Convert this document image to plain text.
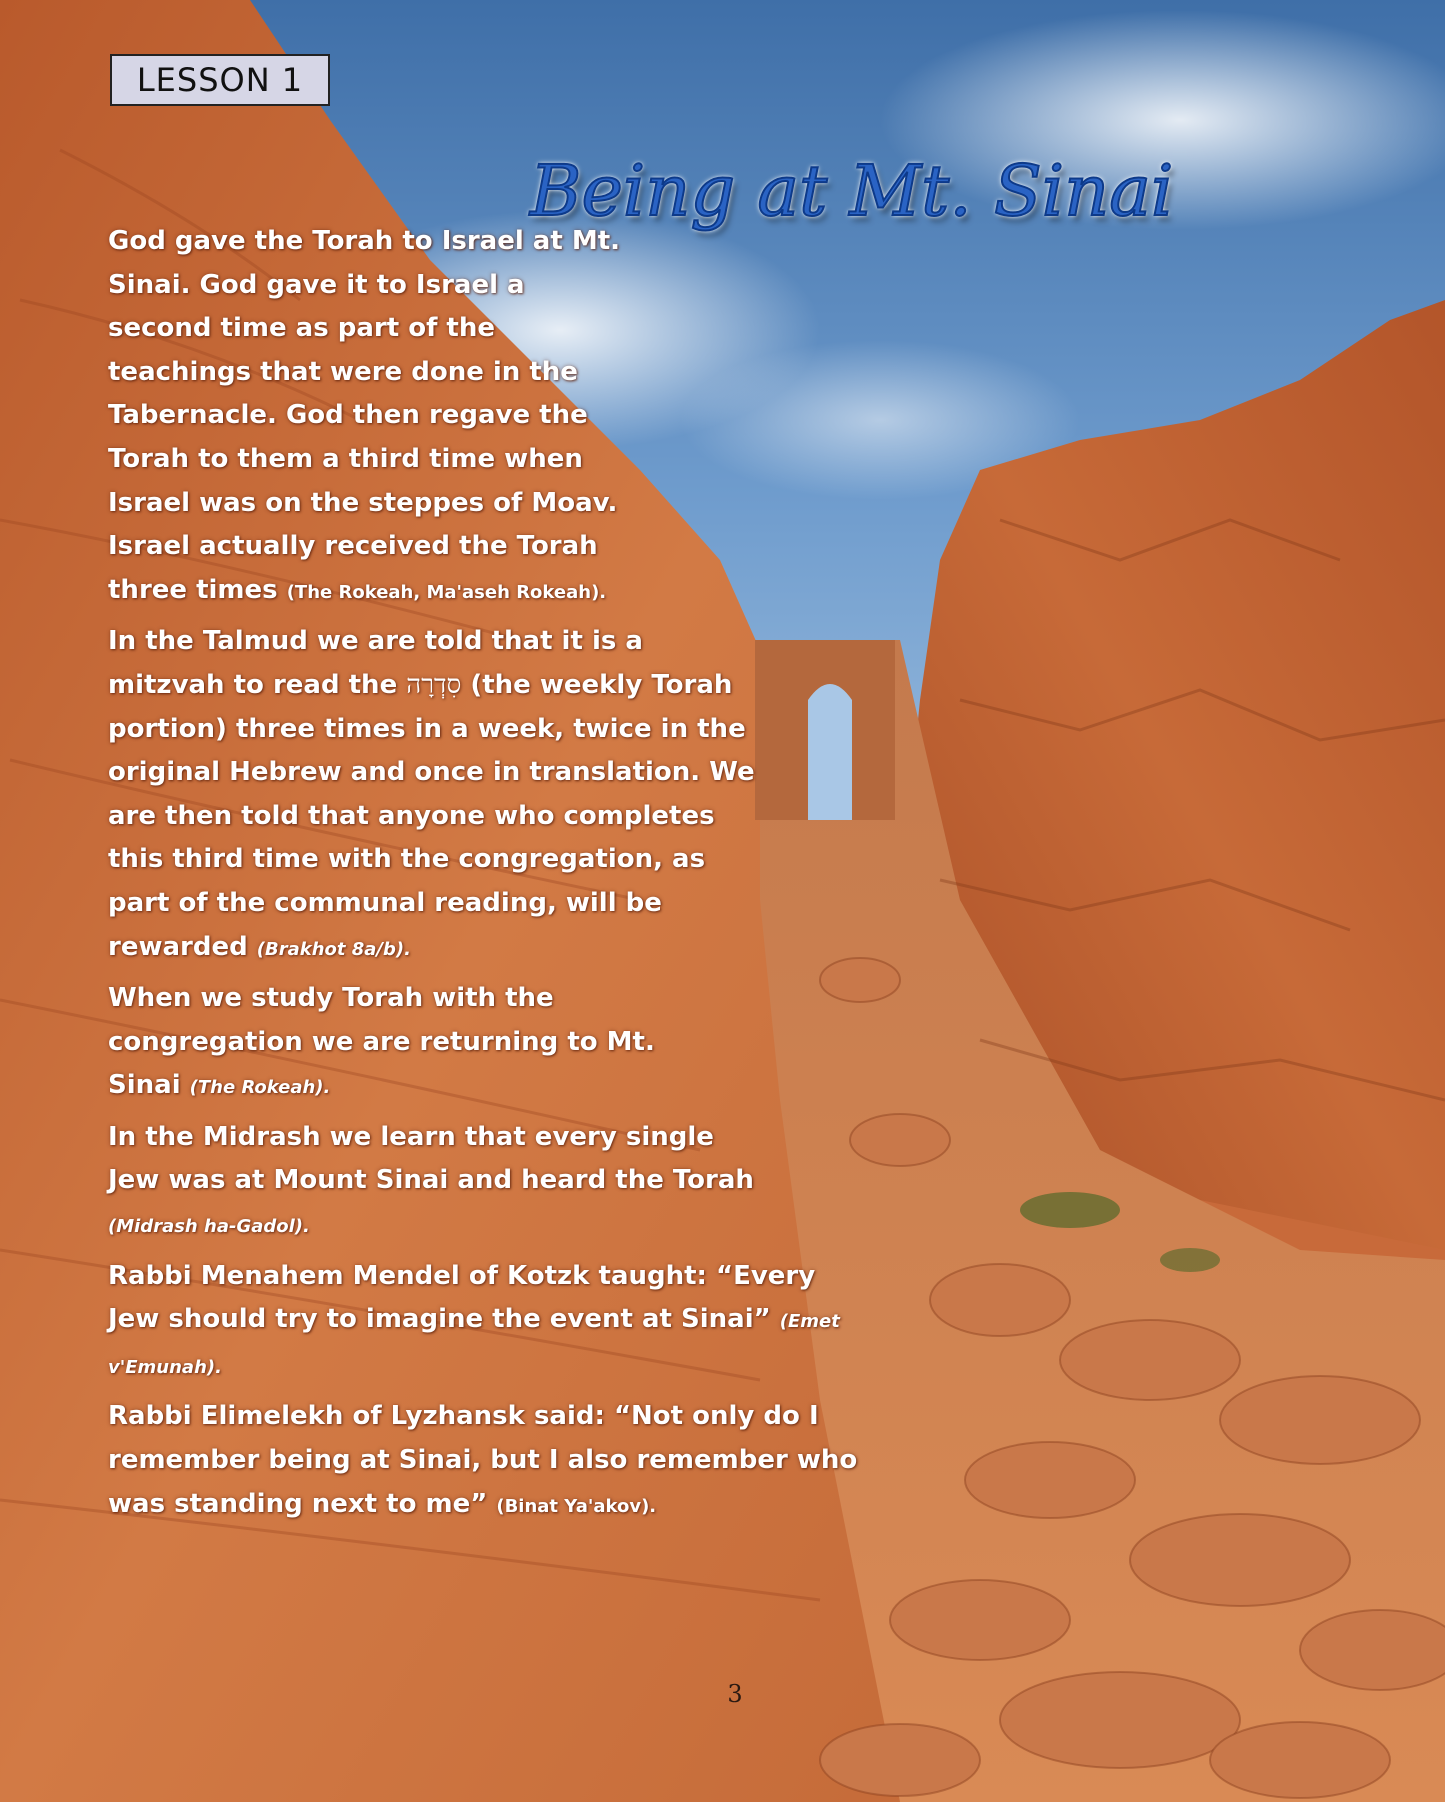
LESSON 1
Being at Mt. Sinai

God gave the Torah to Israel at Mt. Sinai. God gave it to Israel a second time as part of the teachings that were done in the Tabernacle. God then regave the Torah to them a third time when Israel was on the steppes of Moav. Israel actually received the Torah three times (The Rokeah, Ma'aseh Rokeah).

In the Talmud we are told that it is a mitzvah to read the סִדְרָה (the weekly Torah portion) three times in a week, twice in the original Hebrew and once in translation. We are then told that anyone who completes this third time with the congregation, as part of the communal reading, will be rewarded (Brakhot 8a/b).

When we study Torah with the congregation we are returning to Mt. Sinai (The Rokeah).

In the Midrash we learn that every single Jew was at Mount Sinai and heard the Torah (Midrash ha-Gadol).

Rabbi Menahem Mendel of Kotzk taught: “Every Jew should try to imagine the event at Sinai” (Emet v'Emunah).

Rabbi Elimelekh of Lyzhansk said: “Not only do I remember being at Sinai, but I also remember who was standing next to me” (Binat Ya'akov).

3
